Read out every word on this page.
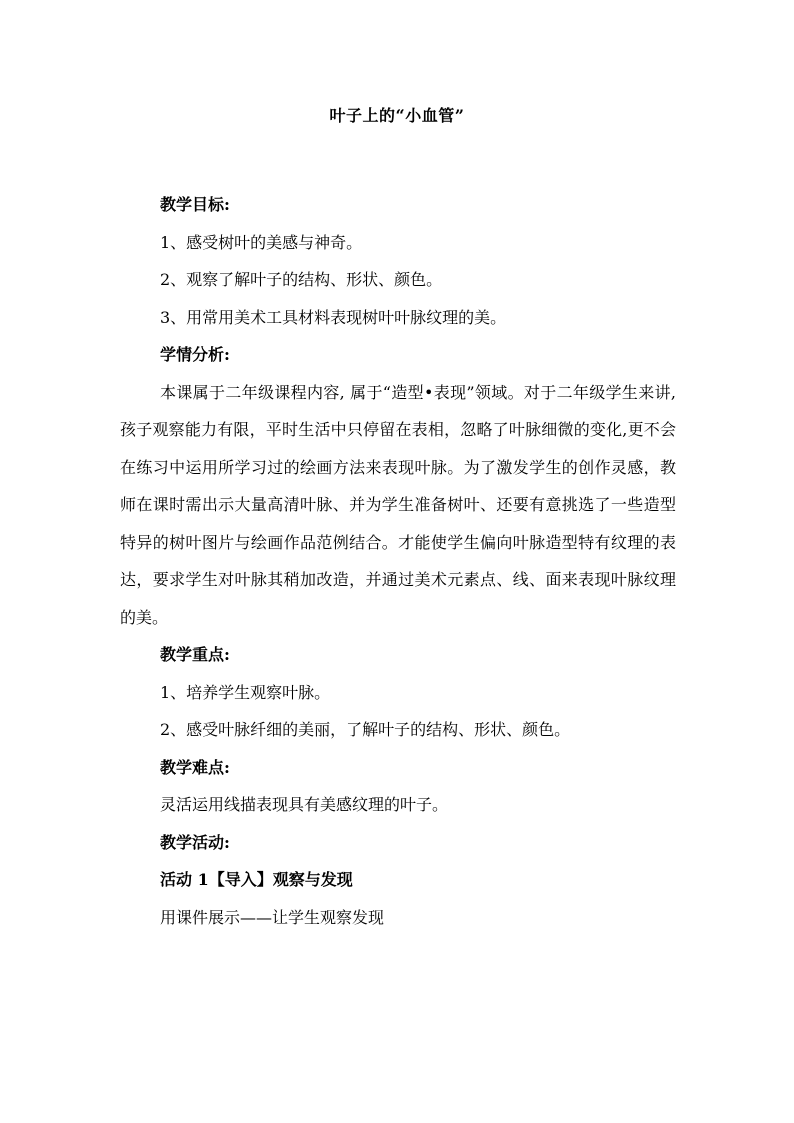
叶子上的“小血管”
教学目标:
1、感受树叶的美感与神奇。
2、观察了解叶子的结构、形状、颜色。
3、用常用美术工具材料表现树叶叶脉纹理的美。
学情分析:

本课属于二年级课程内容, 属于“造型•表现”领域。对于二年级学生来讲, 孩子观察能力有限，平时生活中只停留在表相，忽略了叶脉细微的变化,更不会在练习中运用所学习过的绘画方法来表现叶脉。为了激发学生的创作灵感，教师在课时需出示大量高清叶脉、并为学生准备树叶、还要有意挑选了一些造型特异的树叶图片与绘画作品范例结合。才能使学生偏向叶脉造型特有纹理的表达，要求学生对叶脉其稍加改造，并通过美术元素点、线、面来表现叶脉纹理的美。

教学重点:
1、培养学生观察叶脉。
2、感受叶脉纤细的美丽，了解叶子的结构、形状、颜色。
教学难点:
灵活运用线描表现具有美感纹理的叶子。
教学活动:
活动 1【导入】观察与发现
用课件展示——让学生观察发现
